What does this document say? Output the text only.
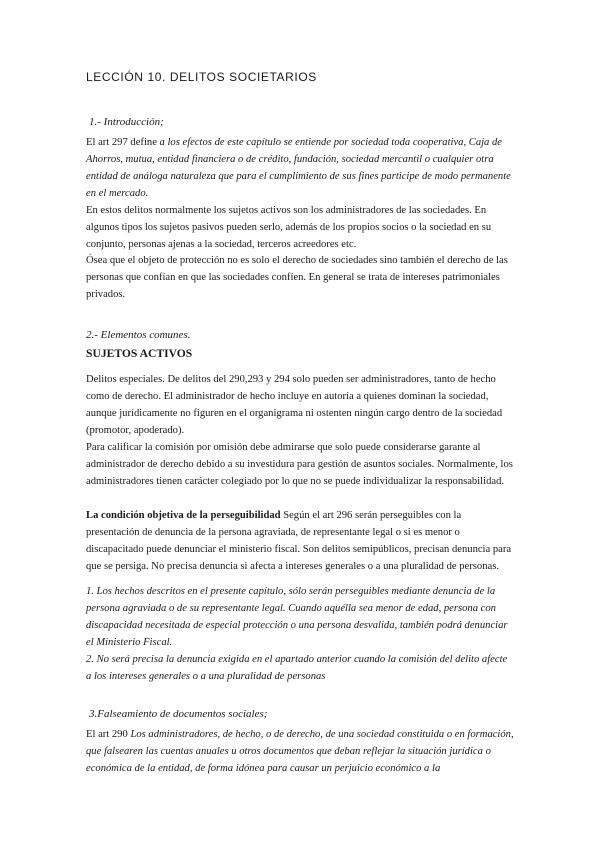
LECCIÓN 10. DELITOS SOCIETARIOS
1.- Introducción;

El art 297 define a los efectos de este capítulo se entiende por sociedad toda cooperativa, Caja de Ahorros, mutua, entidad financiera o de crédito, fundación, sociedad mercantil o cualquier otra entidad de análoga naturaleza que para el cumplimiento de sus fines participe de modo permanente en el mercado.

En estos delitos normalmente los sujetos activos son los administradores de las sociedades. En algunos tipos los sujetos pasivos pueden serlo, además de los propios socios o la sociedad en su conjunto, personas ajenas a la sociedad, terceros acreedores etc.

Ósea que el objeto de protección no es solo el derecho de sociedades sino también el derecho de las personas que confían en que las sociedades confíen. En general se trata de intereses patrimoniales privados.

2.- Elementos comunes.
SUJETOS ACTIVOS

Delitos especiales. De delitos del 290,293 y 294 solo pueden ser administradores, tanto de hecho como de derecho. El administrador de hecho incluye en autoría a quienes dominan la sociedad, aunque jurídicamente no figuren en el organigrama ni ostenten ningún cargo dentro de la sociedad (promotor, apoderado).

Para calificar la comisión por omisión debe admirarse que solo puede considerarse garante al administrador de derecho debido a su investidura para gestión de asuntos sociales. Normalmente, los administradores tienen carácter colegiado por lo que no se puede individualizar la responsabilidad.

La condición objetiva de la perseguibilidad Según el art 296 serán perseguibles con la presentación de denuncia de la persona agraviada, de representante legal o si es menor o discapacitado puede denunciar el ministerio fiscal. Son delitos semipúblicos, precisan denuncia para que se persiga. No precisa denuncia si afecta a intereses generales o a una pluralidad de personas.

1. Los hechos descritos en el presente capítulo, sólo serán perseguibles mediante denuncia de la persona agraviada o de su representante legal. Cuando aquélla sea menor de edad, persona con discapacidad necesitada de especial protección o una persona desvalida, también podrá denunciar el Ministerio Fiscal.

2. No será precisa la denuncia exigida en el apartado anterior cuando la comisión del delito afecte a los intereses generales o a una pluralidad de personas

3.Falseamiento de documentos sociales;

El art 290 Los administradores, de hecho, o de derecho, de una sociedad constituida o en formación, que falsearen las cuentas anuales u otros documentos que deban reflejar la situación jurídica o económica de la entidad, de forma idónea para causar un perjuicio económico a la
